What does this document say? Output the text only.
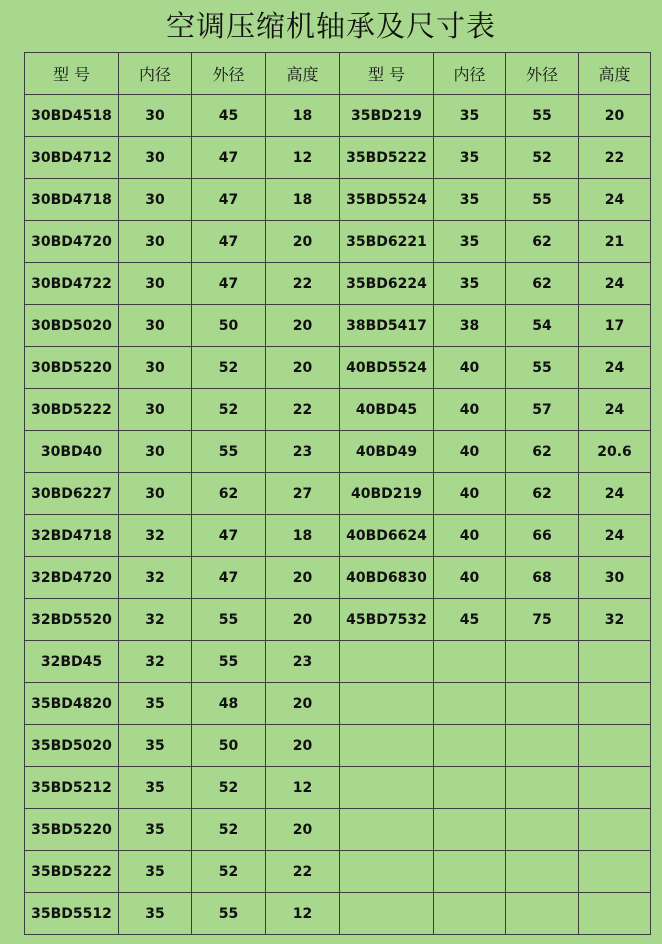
空调压缩机轴承及尺寸表
型 号	内径	外径	高度	型 号	内径	外径	高度
30BD4518	30	45	18	35BD219	35	55	20
30BD4712	30	47	12	35BD5222	35	52	22
30BD4718	30	47	18	35BD5524	35	55	24
30BD4720	30	47	20	35BD6221	35	62	21
30BD4722	30	47	22	35BD6224	35	62	24
30BD5020	30	50	20	38BD5417	38	54	17
30BD5220	30	52	20	40BD5524	40	55	24
30BD5222	30	52	22	40BD45	40	57	24
30BD40	30	55	23	40BD49	40	62	20.6
30BD6227	30	62	27	40BD219	40	62	24
32BD4718	32	47	18	40BD6624	40	66	24
32BD4720	32	47	20	40BD6830	40	68	30
32BD5520	32	55	20	45BD7532	45	75	32
32BD45	32	55	23				
35BD4820	35	48	20				
35BD5020	35	50	20				
35BD5212	35	52	12				
35BD5220	35	52	20				
35BD5222	35	52	22				
35BD5512	35	55	12				
